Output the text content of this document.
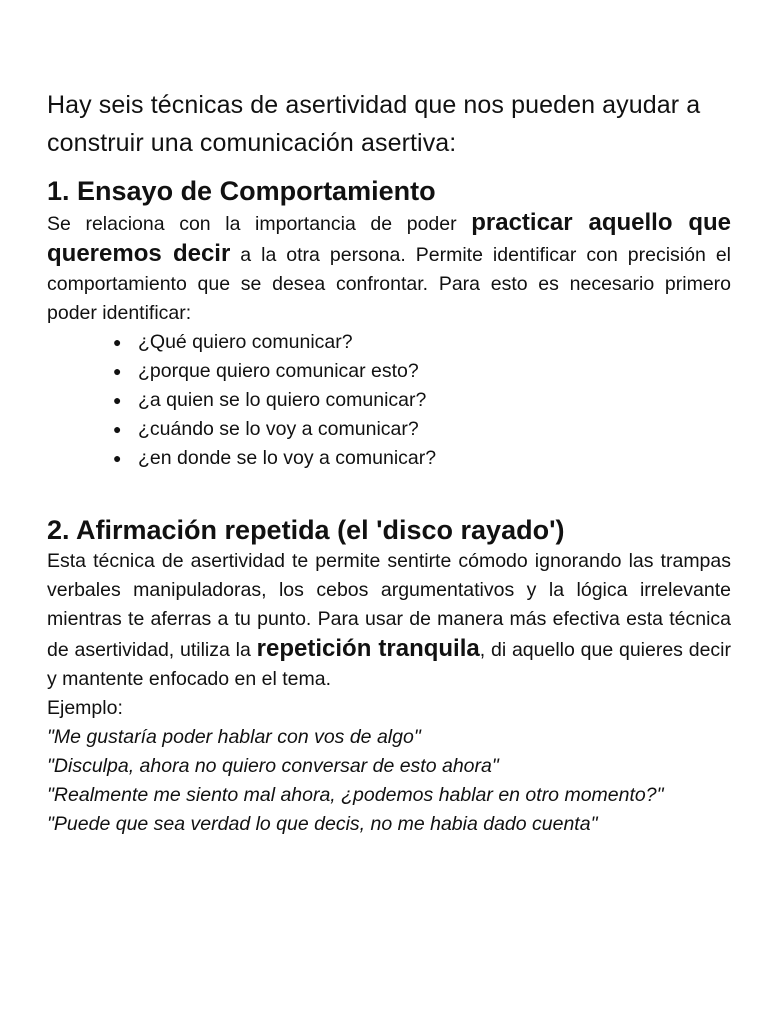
Hay seis técnicas de asertividad que nos pueden ayudar a construir una comunicación asertiva:

1. Ensayo de Comportamiento

Se relaciona con la importancia de poder practicar aquello que queremos decir a la otra persona. Permite identificar con precisión el comportamiento que se desea confrontar. Para esto es necesario primero poder identificar:

● ¿Qué quiero comunicar?
● ¿porque quiero comunicar esto?
● ¿a quien se lo quiero comunicar?
● ¿cuándo se lo voy a comunicar?
● ¿en donde se lo voy a comunicar?
2. Afirmación repetida (el 'disco rayado')

Esta técnica de asertividad te permite sentirte cómodo ignorando las trampas verbales manipuladoras, los cebos argumentativos y la lógica irrelevante mientras te aferras a tu punto. Para usar de manera más efectiva esta técnica de asertividad, utiliza la repetición tranquila, di aquello que quieres decir y mantente enfocado en el tema.

Ejemplo:

"Me gustaría poder hablar con vos de algo"

"Disculpa, ahora no quiero conversar de esto ahora"

"Realmente me siento mal ahora, ¿podemos hablar en otro momento?"

"Puede que sea verdad lo que decis, no me habia dado cuenta"
